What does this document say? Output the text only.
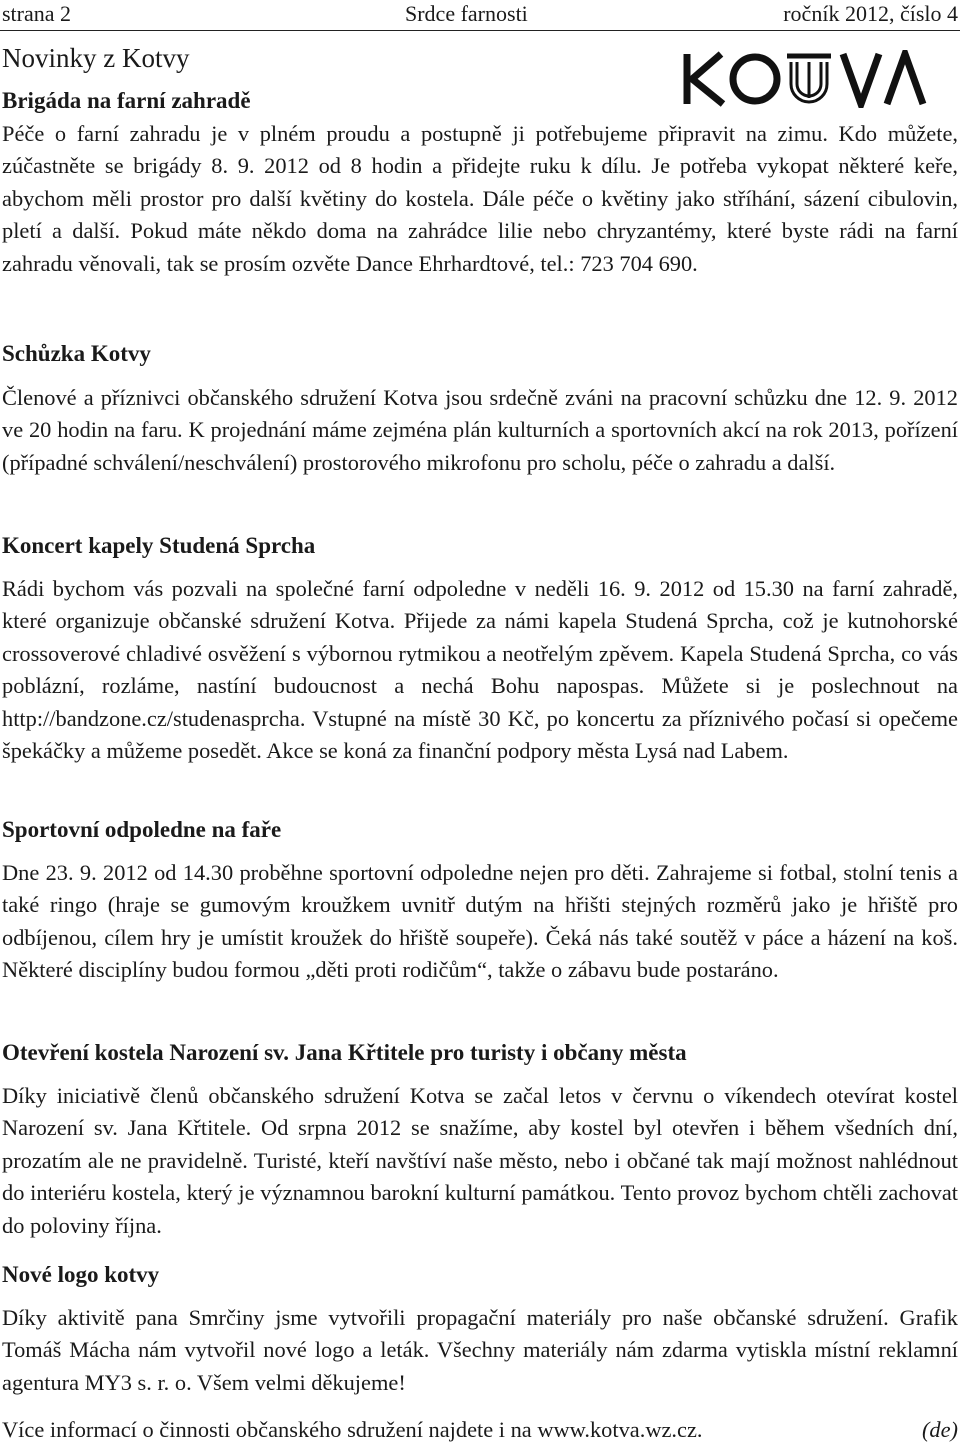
strana 2	Srdce farnosti	ročník 2012, číslo 4
Novinky z Kotvy
Brigáda na farní zahradě

Péče o farní zahradu je v plném proudu a postupně ji potřebujeme připravit na zimu. Kdo můžete, zúčastněte se brigády 8. 9. 2012 od 8 hodin a přidejte ruku k dílu. Je potřeba vykopat některé keře, abychom měli prostor pro další květiny do kostela. Dále péče o květiny jako stříhání, sázení cibulovin, pletí a další. Pokud máte někdo doma na zahrádce lilie nebo chryzantémy, které byste rádi na farní zahradu věnovali, tak se prosím ozvěte Dance Ehrhardtové, tel.: 723 704 690.

Schůzka Kotvy

Členové a příznivci občanského sdružení Kotva jsou srdečně zváni na pracovní schůzku dne 12. 9. 2012 ve 20 hodin na faru. K projednání máme zejména plán kulturních a sportovních akcí na rok 2013, pořízení (případné schválení/neschválení) prostorového mikrofonu pro scholu, péče o zahradu a další.

Koncert kapely Studená Sprcha

Rádi bychom vás pozvali na společné farní odpoledne v neděli 16. 9. 2012 od 15.30 na farní zahradě, které organizuje občanské sdružení Kotva. Přijede za námi kapela Studená Sprcha, což je kutnohorské crossoverové chladivé osvěžení s výbornou rytmikou a neotřelým zpěvem. Kapela Studená Sprcha, co vás poblázní, rozláme, nastíní budoucnost a nechá Bohu napospas. Můžete si je poslechnout na http://bandzone.cz/studenasprcha. Vstupné na místě 30 Kč, po koncertu za příznivého počasí si opečeme špekáčky a můžeme posedět. Akce se koná za finanční podpory města Lysá nad Labem.

Sportovní odpoledne na faře

Dne 23. 9. 2012 od 14.30 proběhne sportovní odpoledne nejen pro děti. Zahrajeme si fotbal, stolní tenis a také ringo (hraje se gumovým kroužkem uvnitř dutým na hřišti stejných rozměrů jako je hřiště pro odbíjenou, cílem hry je umístit kroužek do hřiště soupeře). Čeká nás také soutěž v páce a házení na koš. Některé disciplíny budou formou „děti proti rodičům“, takže o zábavu bude postaráno.

Otevření kostela Narození sv. Jana Křtitele pro turisty i občany města

Díky iniciativě členů občanského sdružení Kotva se začal letos v červnu o víkendech otevírat kostel Narození sv. Jana Křtitele. Od srpna 2012 se snažíme, aby kostel byl otevřen i během všedních dní, prozatím ale ne pravidelně. Turisté, kteří navštíví naše město, nebo i občané tak mají možnost nahlédnout do interiéru kostela, který je významnou barokní kulturní památkou. Tento provoz bychom chtěli zachovat do poloviny října.

Nové logo kotvy

Díky aktivitě pana Smrčiny jsme vytvořili propagační materiály pro naše občanské sdružení. Grafik Tomáš Mácha nám vytvořil nové logo a leták. Všechny materiály nám zdarma vytiskla místní reklamní agentura MY3 s. r. o. Všem velmi děkujeme!

Více informací o činnosti občanského sdružení najdete i na www.kotva.wz.cz.	(de)
